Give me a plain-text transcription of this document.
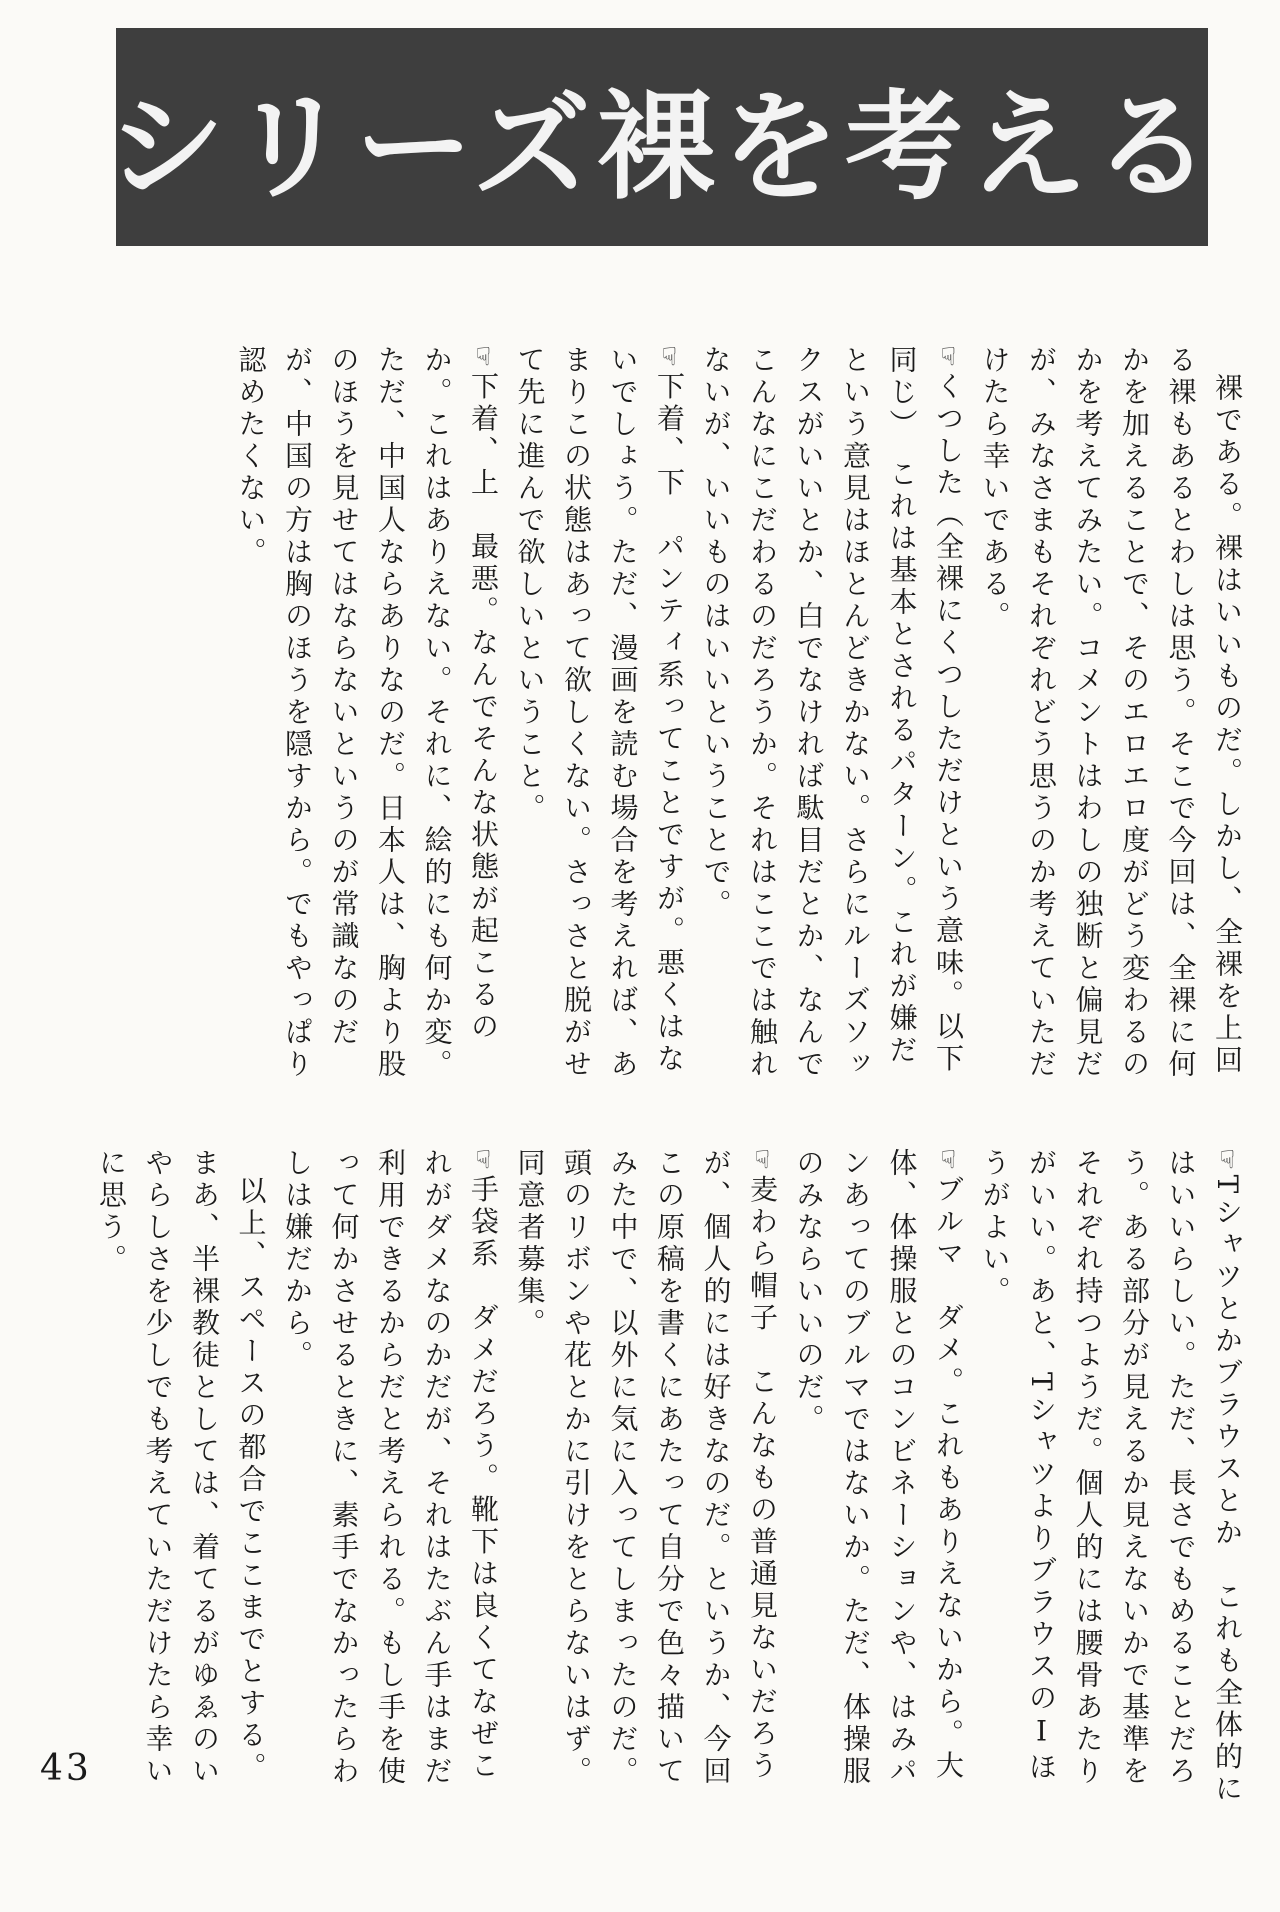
シリーズ裸を考える

裸である。裸はいいものだ。しかし、全裸を上回る裸もあるとわしは思う。そこで今回は、全裸に何かを加えることで、そのエロエロ度がどう変わるのかを考えてみたい。コメントはわしの独断と偏見だが、みなさまもそれぞれどう思うのか考えていただけたら幸いである。

☞くつした（全裸にくつしただけという意味。以下同じ）　これは基本とされるパターン。これが嫌だという意見はほとんどきかない。さらにルーズソックスがいいとか、白でなければ駄目だとか、なんでこんなにこだわるのだろうか。それはここでは触れないが、いいものはいいということで。

☞下着、下　パンティ系ってことですが。悪くはないでしょう。ただ、漫画を読む場合を考えれば、あまりこの状態はあって欲しくない。さっさと脱がせて先に進んで欲しいということ。

☞下着、上　最悪。なんでそんな状態が起こるのか。これはありえない。それに、絵的にも何か変。ただ、中国人ならありなのだ。日本人は、胸より股のほうを見せてはならないというのが常識なのだが、中国の方は胸のほうを隠すから。でもやっぱり認めたくない。

☞Tシャツとかブラウスとか　これも全体的にはいいらしい。ただ、長さでもめることだろう。ある部分が見えるか見えないかで基準をそれぞれ持つようだ。個人的には腰骨あたりがいい。あと、TシャツよりブラウスのⅠほうがよい。

☞ブルマ　ダメ。これもありえないから。大体、体操服とのコンビネーションや、はみパンあってのブルマではないか。ただ、体操服のみならいいのだ。

☞麦わら帽子　こんなもの普通見ないだろうが、個人的には好きなのだ。というか、今回この原稿を書くにあたって自分で色々描いてみた中で、以外に気に入ってしまったのだ。頭のリボンや花とかに引けをとらないはず。同意者募集。

☞手袋系　ダメだろう。靴下は良くてなぜこれがダメなのかだが、それはたぶん手はまだ利用できるからだと考えられる。もし手を使って何かさせるときに、素手でなかったらわしは嫌だから。

以上、スペースの都合でここまでとする。まあ、半裸教徒としては、着てるがゆゑのいやらしさを少しでも考えていただけたら幸いに思う。

43
